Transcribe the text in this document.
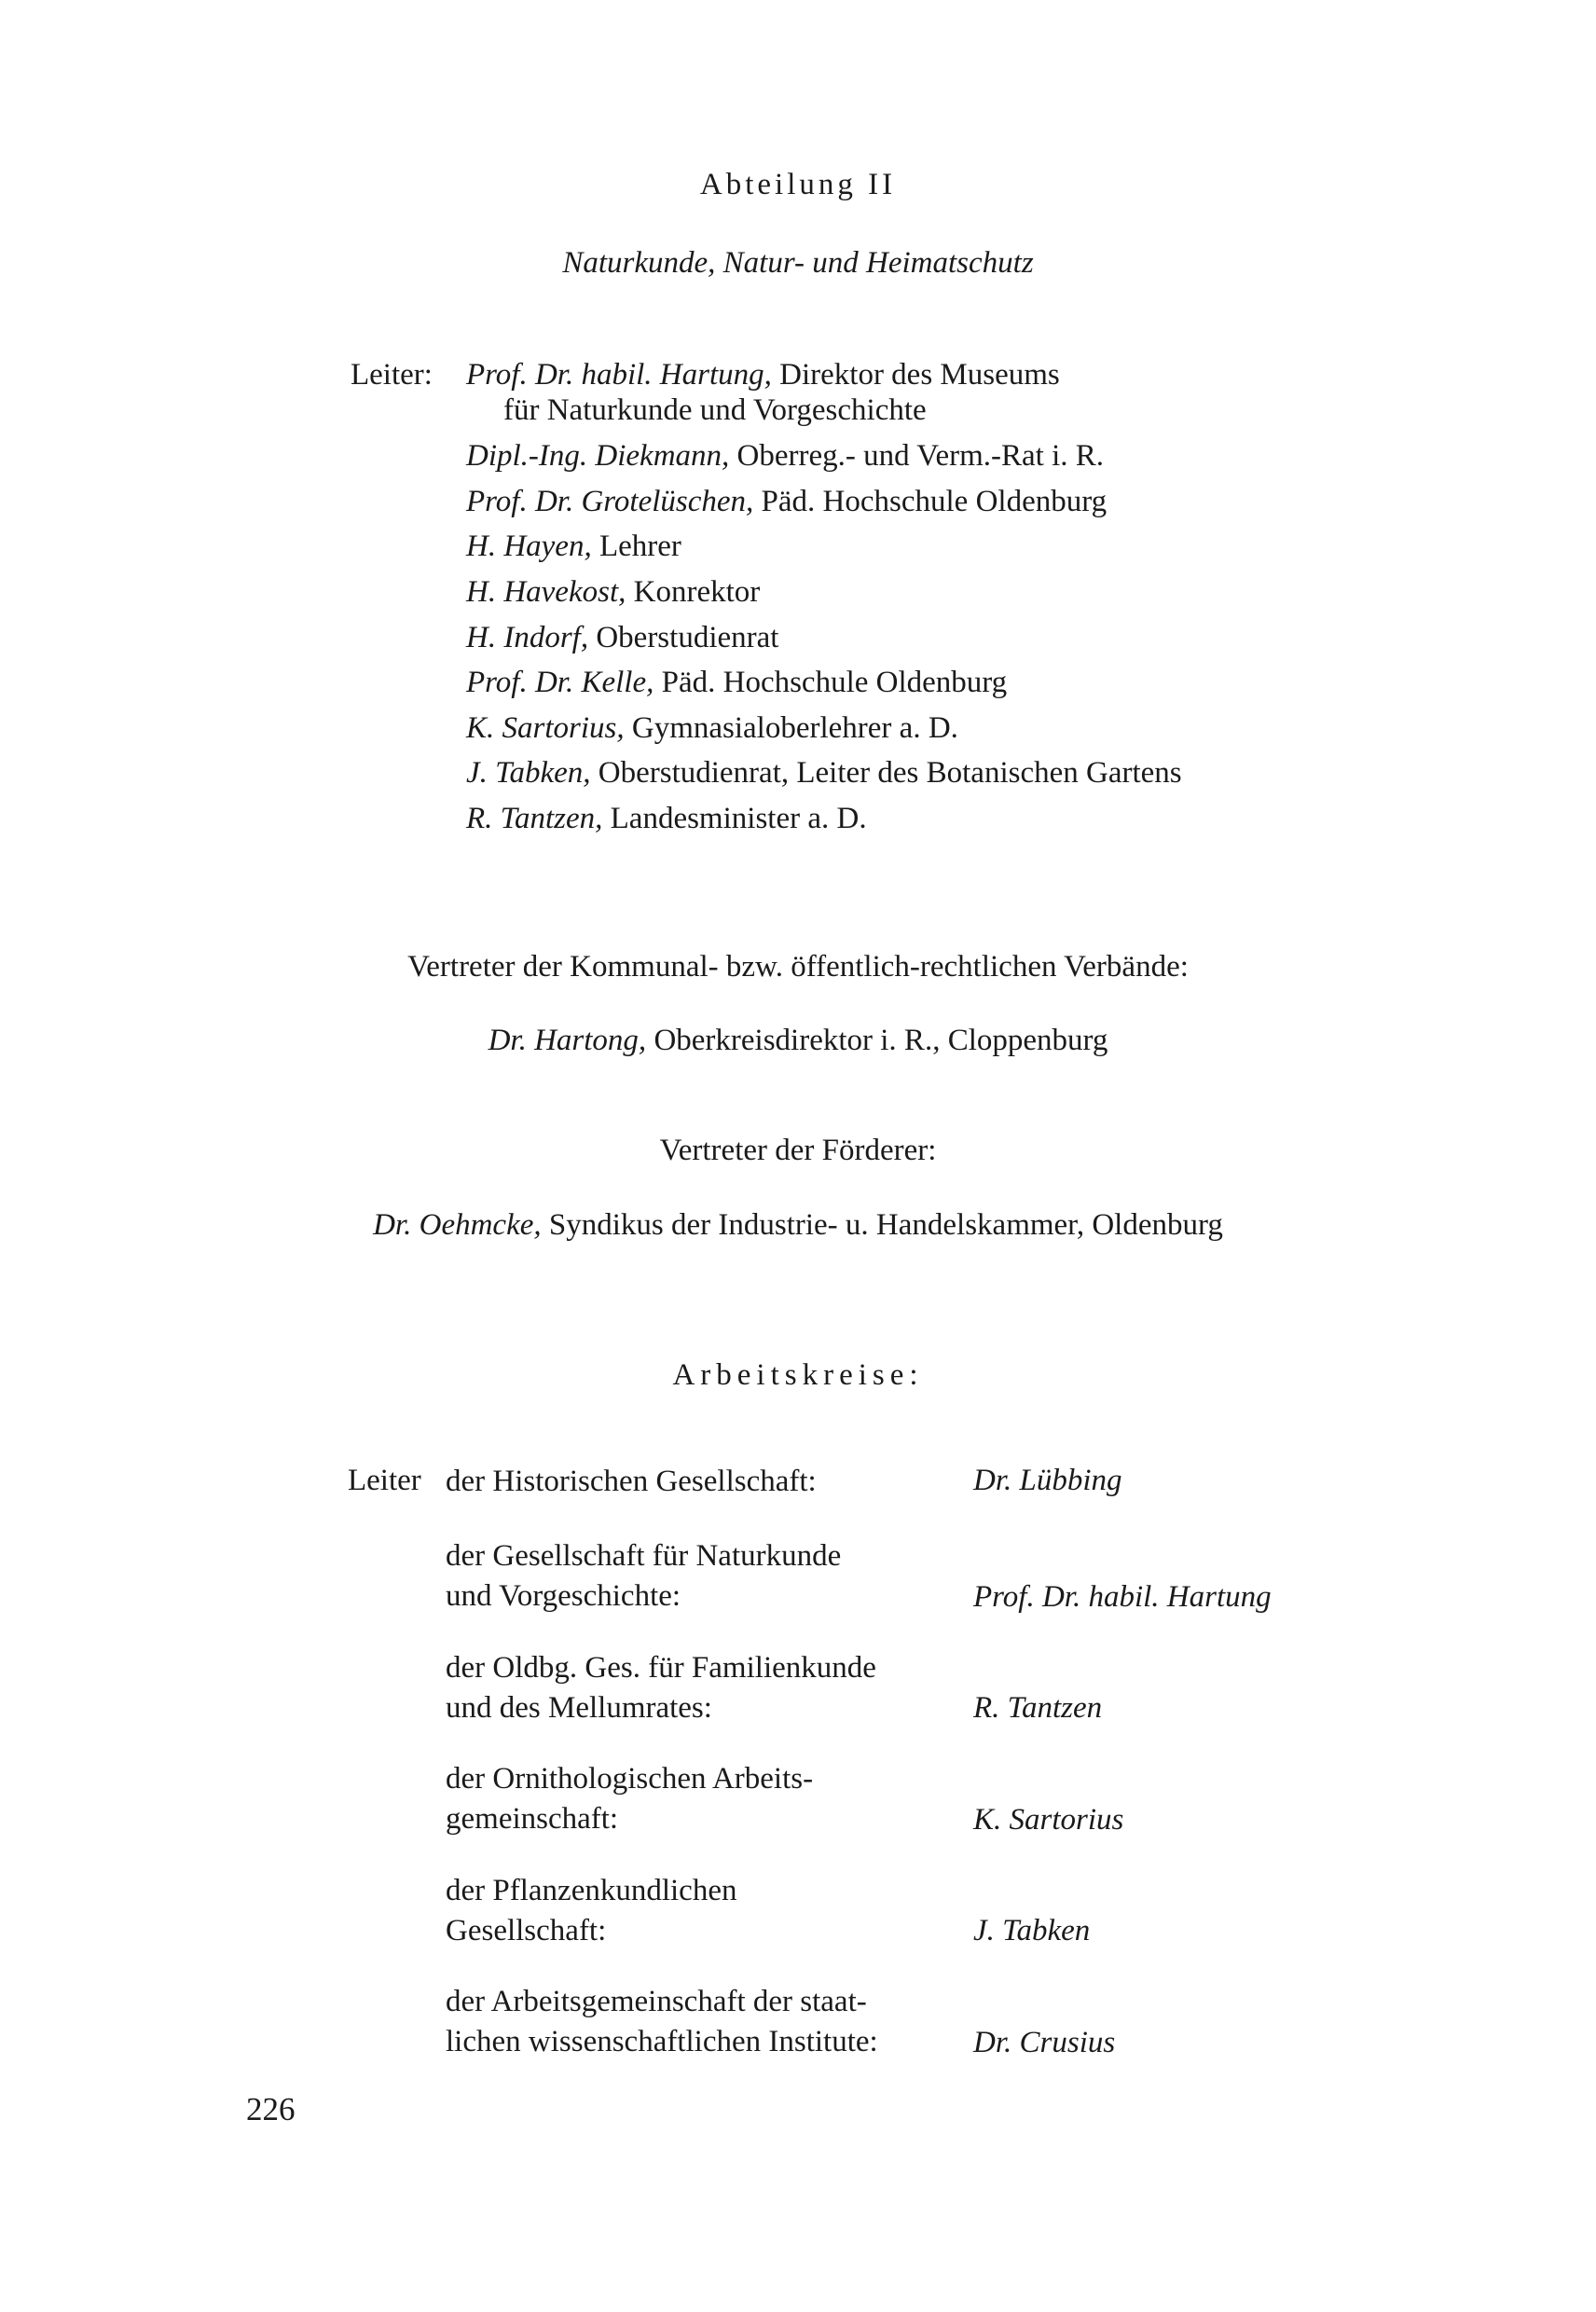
Abteilung II
Naturkunde, Natur- und Heimatschutz
Leiter: Prof. Dr. habil. Hartung, Direktor des Museums
für Naturkunde und Vorgeschichte
Dipl.-Ing. Diekmann, Oberreg.- und Verm.-Rat i. R.
Prof. Dr. Grotelüschen, Päd. Hochschule Oldenburg
H. Hayen, Lehrer
H. Havekost, Konrektor
H. Indorf, Oberstudienrat
Prof. Dr. Kelle, Päd. Hochschule Oldenburg
K. Sartorius, Gymnasialoberlehrer a. D.
J. Tabken, Oberstudienrat, Leiter des Botanischen Gartens
R. Tantzen, Landesminister a. D.
Vertreter der Kommunal- bzw. öffentlich-rechtlichen Verbände:
Dr. Hartong, Oberkreisdirektor i. R., Cloppenburg
Vertreter der Förderer:
Dr. Oehmcke, Syndikus der Industrie- u. Handelskammer, Oldenburg
Arbeitskreise:
Leiter der Historischen Gesellschaft:	Dr. Lübbing
der Gesellschaft für Naturkunde
und Vorgeschichte:	Prof. Dr. habil. Hartung
der Oldbg. Ges. für Familienkunde
und des Mellumrates:	R. Tantzen
der Ornithologischen Arbeits-
gemeinschaft:	K. Sartorius
der Pflanzenkundlichen
Gesellschaft:	J. Tabken
der Arbeitsgemeinschaft der staat-
lichen wissenschaftlichen Institute:	Dr. Crusius
226
